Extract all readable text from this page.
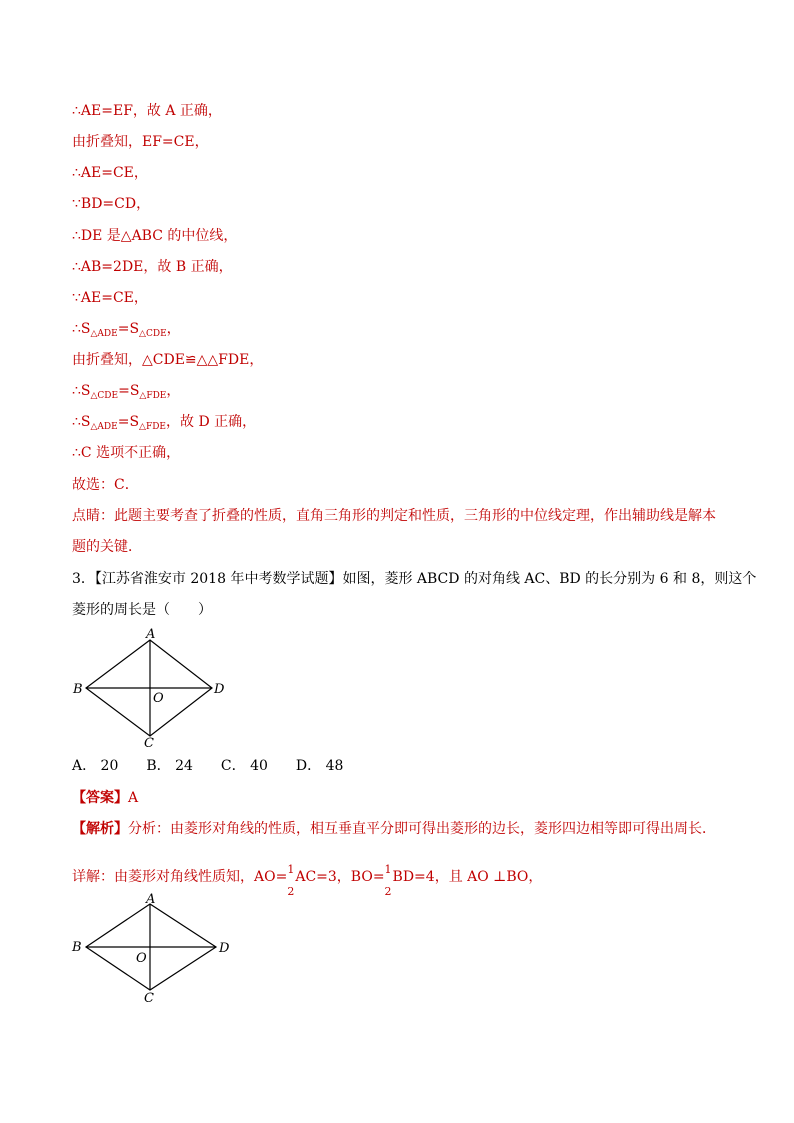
∴AE=EF，故 A 正确，
由折叠知，EF=CE，
∴AE=CE，
∵BD=CD，
∴DE 是△ABC 的中位线，
∴AB=2DE，故 B 正确，
∵AE=CE，
$\therefore S_{\triangle ADE}=S_{\triangle CDE}$，
由折叠知，△CDE≌△△FDE，
$\therefore S_{\triangle CDE}=S_{\triangle FDE}$，
$\therefore S_{\triangle ADE}=S_{\triangle FDE}$，故 D 正确，
∴C 选项不正确，
故选：C．
点睛：此题主要考查了折叠的性质，直角三角形的判定和性质，三角形的中位线定理，作出辅助线是解本
题的关键．
3．【江苏省淮安市 2018 年中考数学试题】如图，菱形 ABCD 的对角线 AC、BD 的长分别为 6 和 8，则这个
菱形的周长是（　　）
A
B	D
C
O
A． 20　　B． 24　　C． 40　　D． 48
【答案】A
【解析】分析：由菱形对角线的性质，相互垂直平分即可得出菱形的边长，菱形四边相等即可得出周长．
详解：由菱形对角线性质知，AO= 1
2
AC=3，BO= 1
2
BD=4，且 AO ⊥BO，
A
B	D
C
O
